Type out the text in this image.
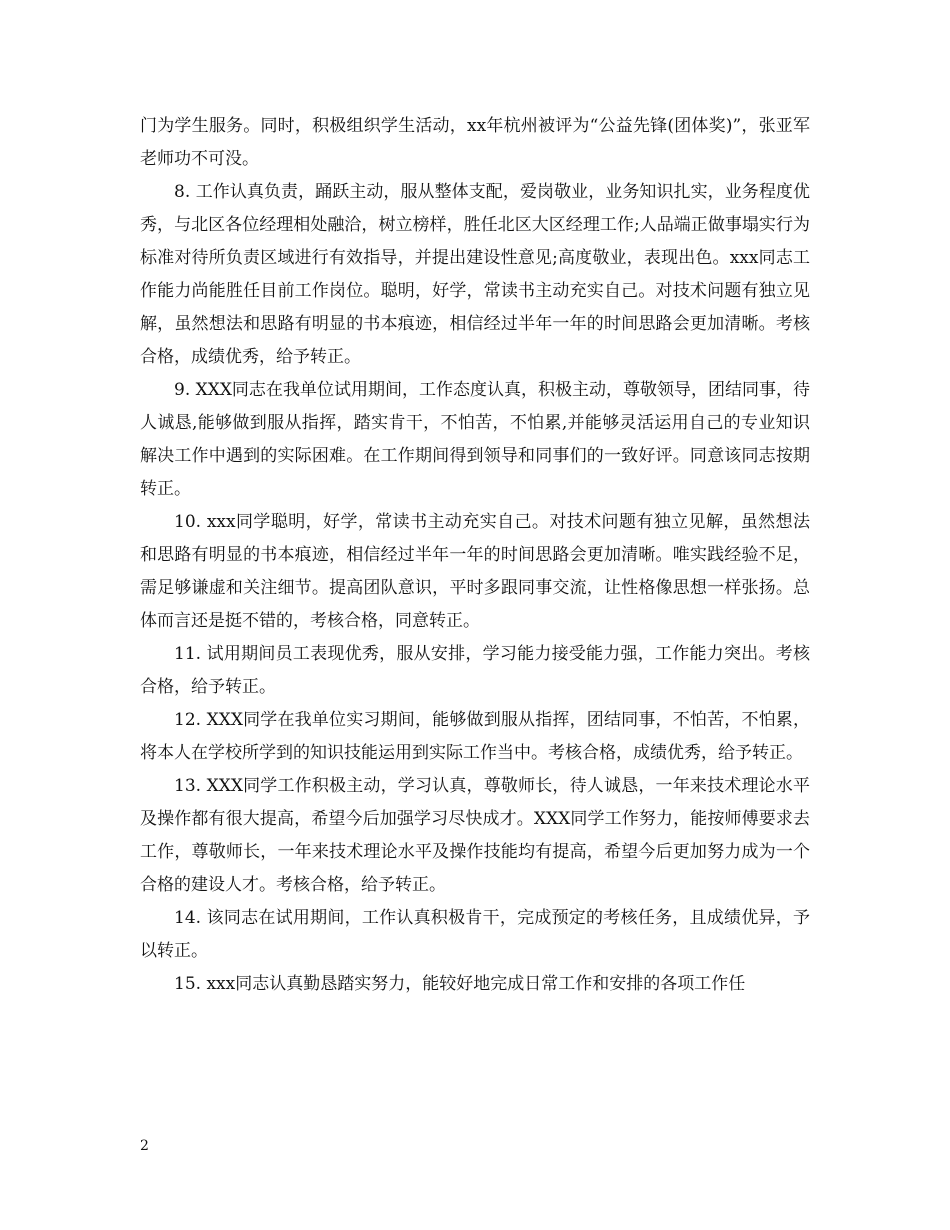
门为学生服务。同时，积极组织学生活动，xx年杭州被评为“公益先锋(团体奖)”，张亚军老师功不可没。

8. 工作认真负责，踊跃主动，服从整体支配，爱岗敬业，业务知识扎实，业务程度优秀，与北区各位经理相处融洽，树立榜样，胜任北区大区经理工作;人品端正做事塌实行为标准对待所负责区域进行有效指导，并提出建设性意见;高度敬业，表现出色。xxx同志工作能力尚能胜任目前工作岗位。聪明，好学，常读书主动充实自己。对技术问题有独立见解，虽然想法和思路有明显的书本痕迹，相信经过半年一年的时间思路会更加清晰。考核合格，成绩优秀，给予转正。

9. XXX同志在我单位试用期间，工作态度认真，积极主动，尊敬领导，团结同事，待人诚恳,能够做到服从指挥，踏实肯干，不怕苦，不怕累,并能够灵活运用自己的专业知识解决工作中遇到的实际困难。在工作期间得到领导和同事们的一致好评。同意该同志按期转正。

10. xxx同学聪明，好学，常读书主动充实自己。对技术问题有独立见解，虽然想法和思路有明显的书本痕迹，相信经过半年一年的时间思路会更加清晰。唯实践经验不足，需足够谦虚和关注细节。提高团队意识，平时多跟同事交流，让性格像思想一样张扬。总体而言还是挺不错的，考核合格，同意转正。

11. 试用期间员工表现优秀，服从安排，学习能力接受能力强，工作能力突出。考核合格，给予转正。

12. XXX同学在我单位实习期间，能够做到服从指挥，团结同事，不怕苦，不怕累，将本人在学校所学到的知识技能运用到实际工作当中。考核合格，成绩优秀，给予转正。

13. XXX同学工作积极主动，学习认真，尊敬师长，待人诚恳，一年来技术理论水平及操作都有很大提高，希望今后加强学习尽快成才。XXX同学工作努力，能按师傅要求去工作，尊敬师长，一年来技术理论水平及操作技能均有提高，希望今后更加努力成为一个合格的建设人才。考核合格，给予转正。

14. 该同志在试用期间，工作认真积极肯干，完成预定的考核任务，且成绩优异，予以转正。

15. xxx同志认真勤恳踏实努力，能较好地完成日常工作和安排的各项工作任

2
